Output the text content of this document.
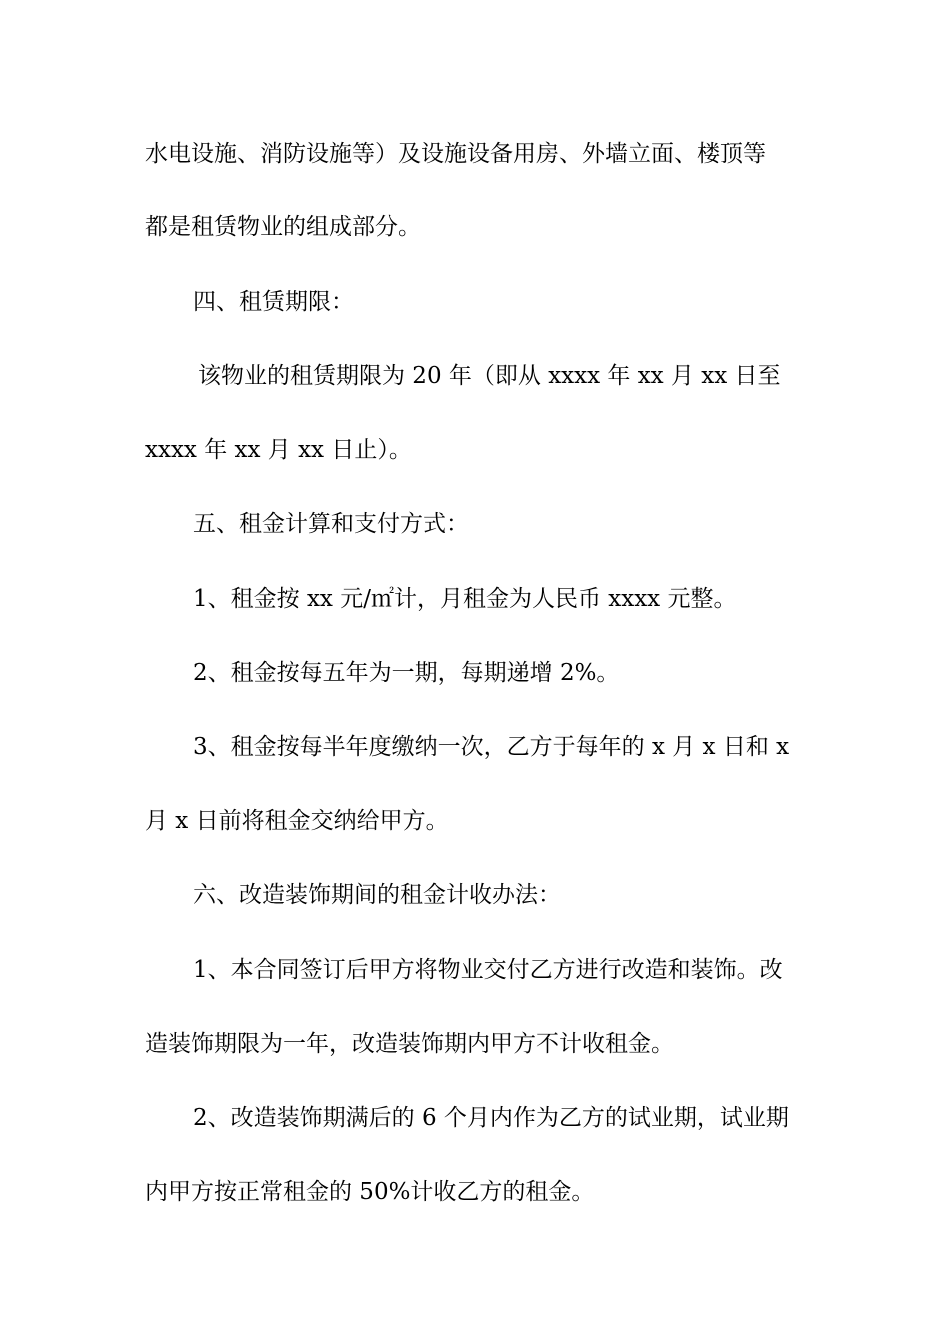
水电设施、消防设施等）及设施设备用房、外墙立面、楼顶等
都是租赁物业的组成部分。
四、租赁期限：
该物业的租赁期限为 20 年（即从 xxxx 年 xx 月 xx 日至
xxxx 年 xx 月 xx 日止）。
五、租金计算和支付方式：
1、租金按 xx 元/㎡计，月租金为人民币 xxxx 元整。
2、租金按每五年为一期，每期递增 2%。
3、租金按每半年度缴纳一次，乙方于每年的 x 月 x 日和 x
月 x 日前将租金交纳给甲方。
六、改造装饰期间的租金计收办法：
1、本合同签订后甲方将物业交付乙方进行改造和装饰。改
造装饰期限为一年，改造装饰期内甲方不计收租金。
2、改造装饰期满后的 6 个月内作为乙方的试业期，试业期
内甲方按正常租金的 50%计收乙方的租金。
